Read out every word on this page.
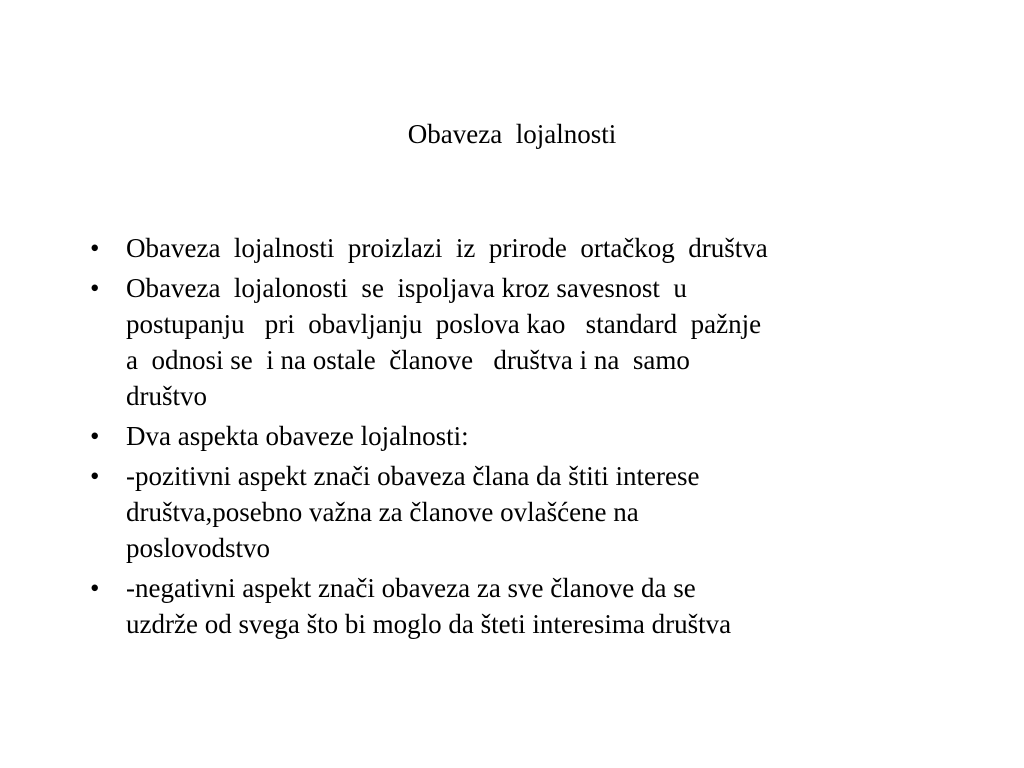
Obaveza  lojalnosti
• Obaveza  lojalnosti  proizlazi  iz  prirode  ortačkog  društva
• Obaveza  lojalonosti  se  ispoljava kroz savesnost  u
postupanju   pri  obavljanju  poslova kao   standard  pažnje
a  odnosi se  i na ostale  članove   društva i na  samo
društvo
• Dva aspekta obaveze lojalnosti:
• -pozitivni aspekt znači obaveza člana da štiti interese
društva,posebno važna za članove ovlašćene na
poslovodstvo
• -negativni aspekt znači obaveza za sve članove da se
uzdrže od svega što bi moglo da šteti interesima društva
